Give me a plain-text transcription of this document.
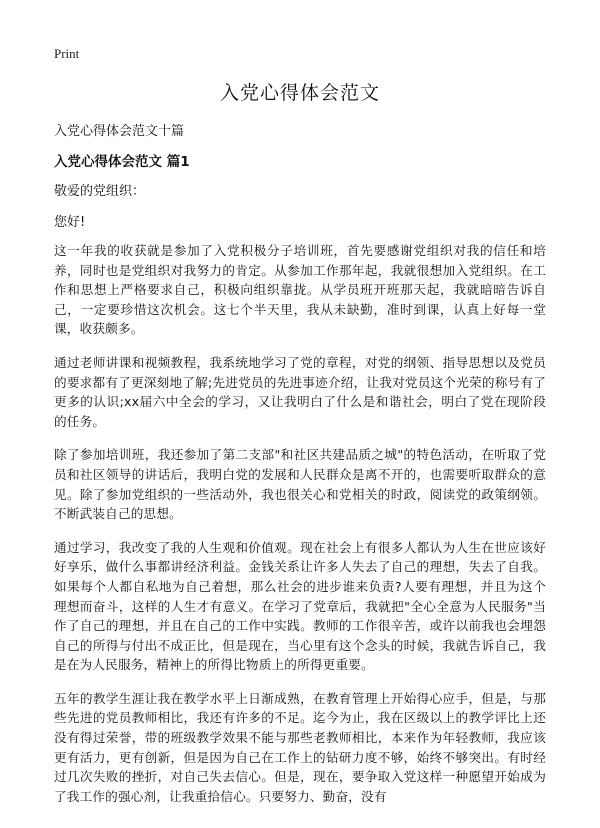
Print
入党心得体会范文
入党心得体会范文十篇
入党心得体会范文 篇1
敬爱的党组织：
您好!

这一年我的收获就是参加了入党积极分子培训班，首先要感谢党组织对我的信任和培养，同时也是党组织对我努力的肯定。从参加工作那年起，我就很想加入党组织。在工作和思想上严格要求自己，积极向组织靠拢。从学员班开班那天起，我就暗暗告诉自己，一定要珍惜这次机会。这七个半天里，我从未缺勤，准时到课，认真上好每一堂课，收获颇多。

通过老师讲课和视频教程，我系统地学习了党的章程，对党的纲领、指导思想以及党员的要求都有了更深刻地了解;先进党员的先进事迹介绍，让我对党员这个光荣的称号有了更多的认识;xx届六中全会的学习，又让我明白了什么是和谐社会，明白了党在现阶段的任务。

除了参加培训班，我还参加了第二支部"和社区共建品质之城"的特色活动，在听取了党员和社区领导的讲话后，我明白党的发展和人民群众是离不开的，也需要听取群众的意见。除了参加党组织的一些活动外，我也很关心和党相关的时政，阅读党的政策纲领。不断武装自己的思想。

通过学习，我改变了我的人生观和价值观。现在社会上有很多人都认为人生在世应该好好享乐，做什么事都讲经济利益。金钱关系让许多人失去了自己的理想，失去了自我。如果每个人都自私地为自己着想，那么社会的进步谁来负责?人要有理想，并且为这个理想而奋斗，这样的人生才有意义。在学习了党章后，我就把"全心全意为人民服务"当作了自己的理想，并且在自己的工作中实践。教师的工作很辛苦，或许以前我也会埋怨自己的所得与付出不成正比，但是现在，当心里有这个念头的时候，我就告诉自己，我是在为人民服务，精神上的所得比物质上的所得更重要。

五年的教学生涯让我在教学水平上日渐成熟，在教育管理上开始得心应手，但是，与那些先进的党员教师相比，我还有许多的不足。迄今为止，我在区级以上的教学评比上还没有得过荣誉，带的班级教学效果不能与那些老教师相比，本来作为年轻教师，我应该更有活力，更有创新，但是因为自己在工作上的钻研力度不够，始终不够突出。有时经过几次失败的挫折，对自己失去信心。但是，现在，要争取入党这样一种愿望开始成为了我工作的强心剂，让我重拾信心。只要努力、勤奋，没有
